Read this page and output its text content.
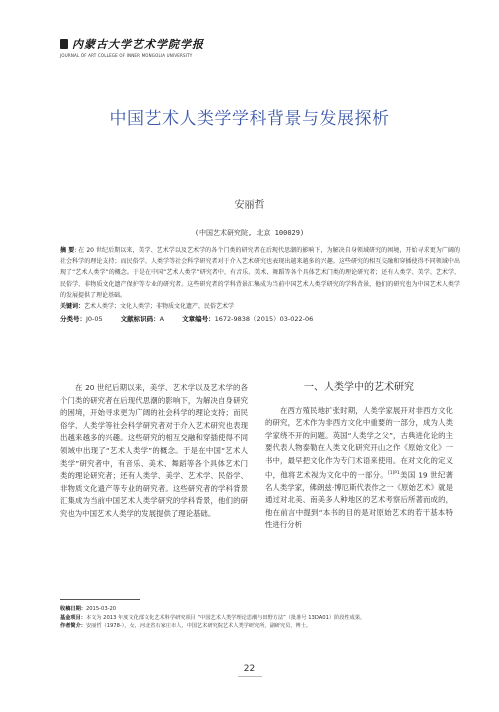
内蒙古大学艺术学院学报
JOURNAL OF ART COLLEGE OF INNER MONGOLIA UNIVERSITY
中国艺术人类学学科背景与发展探析
安丽哲
(中国艺术研究院, 北京 100029)

摘 要: 在 20 世纪后期以来，美学、艺术学以及艺术学的各个门类的研究者在后现代思潮的影响下，为解决自身领域研究的困境，开始寻求更为广阔的社会科学的理论支持；而民俗学、人类学等社会科学研究者对于介入艺术研究也表现出越来越多的兴趣。这些研究的相互交融和穿插使得不同领域中出现了“艺术人类学”的概念。于是在中国“艺术人类学”研究者中，有音乐、美术、舞蹈等各个具体艺术门类的理论研究者；还有人类学、美学、艺术学、民俗学、非物质文化遗产保护等专业的研究者。这些研究者的学科背景汇集成为当前中国艺术人类学研究的学科背景，他们的研究也为中国艺术人类学的发展提供了理论基础。

关键词：艺术人类学；文化人类学；非物质文化遗产，民俗艺术学

分类号：J0-05	文献标识码：A	文章编号：1672-9838（2015）03-022-06

在 20 世纪后期以来，美学、艺术学以及艺术学的各个门类的研究者在后现代思潮的影响下，为解决自身研究的困境，开始寻求更为广阔的社会科学的理论支持；而民俗学、人类学等社会科学研究者对于介入艺术研究也表现出越来越多的兴趣。这些研究的相互交融和穿插使得不同领域中出现了“艺术人类学”的概念。于是在中国“艺术人类学”研究者中，有音乐、美术、舞蹈等各个具体艺术门类的理论研究者；还有人类学、美学、艺术学、民俗学、非物质文化遗产等专业的研究者。这些研究者的学科背景汇集成为当前中国艺术人类学研究的学科背景，他们的研究也为中国艺术人类学的发展提供了理论基础。

一、人类学中的艺术研究

在西方殖民地扩张时期，人类学家展开对非西方文化的研究，艺术作为非西方文化中重要的一部分，成为人类学家绕不开的问题。英国“人类学之父”，古典进化论的主要代表人物泰勒在人类文化研究开山之作《原始文化》一书中，最早把文化作为专门术语来使用。在对文化的定义中，他将艺术视为文化中的一部分。$^{[1]P1}$美国 19 世纪著名人类学家，佛朗兹·博厄斯代表作之一《原始艺术》就是通过对北美、南美多人种地区的艺术考察后所著而成的，他在前言中提到“本书的目的是对原始艺术的若干基本特性进行分析

收稿日期：2015-03-20
基金项目：本文为 2013 年度文化部文化艺术科学研究项目 “中国艺术人类学理论思潮与田野方法”（批准号 13DA01）阶段性成果。
作者简介：安丽哲（1978-），女，河北省石家庄市人，中国艺术研究院艺术人类学研究所，副研究员，博士。
22
